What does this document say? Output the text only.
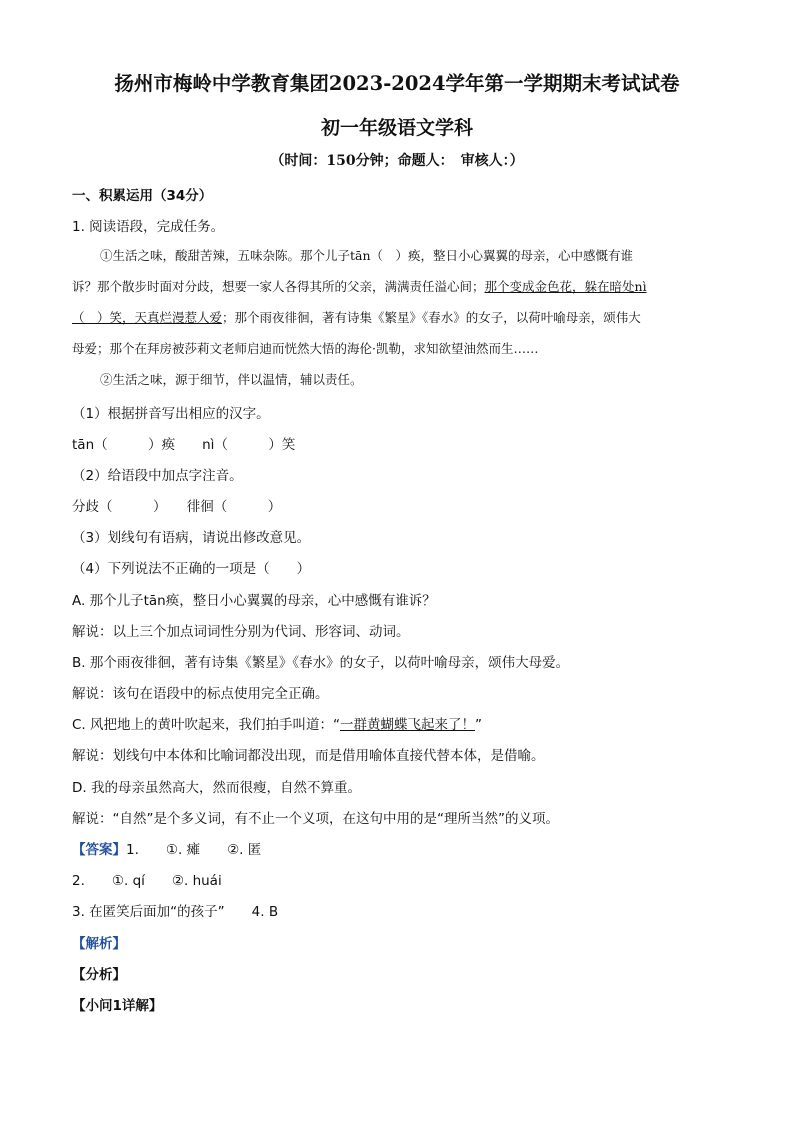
扬州市梅岭中学教育集团2023-2024学年第一学期期末考试试卷
初一年级语文学科
（时间：150分钟；命题人：　审核人：）
一、积累运用（34分）
1. 阅读语段，完成任务。
①生活之味，酸甜苦辣，五味杂陈。那个儿子tān（　）痪，整日小心翼翼的母亲，心中感慨有谁
诉？那个散步时面对分歧，想要一家人各得其所的父亲，满满责任溢心间；那个变成金色花，躲在暗处nì
（　）笑，天真烂漫惹人爱；那个雨夜徘徊，著有诗集《繁星》《春水》的女子，以荷叶喻母亲，颂伟大
母爱；那个在拜房被莎莉文老师启迪而恍然大悟的海伦·凯勒，求知欲望油然而生……
②生活之味，源于细节，伴以温情，辅以责任。
（1）根据拼音写出相应的汉字。
tān（　　　）痪　　nì（　　　）笑
（2）给语段中加点字注音。
分歧（　　　）　　徘徊（　　　）
（3）划线句有语病，请说出修改意见。
（4）下列说法不正确的一项是（　　）
A. 那个儿子tān痪，整日小心翼翼的母亲，心中感慨有谁诉？
解说：以上三个加点词词性分别为代词、形容词、动词。
B. 那个雨夜徘徊，著有诗集《繁星》《春水》的女子，以荷叶喻母亲，颂伟大母爱。
解说：该句在语段中的标点使用完全正确。
C. 风把地上的黄叶吹起来，我们拍手叫道：“一群黄蝴蝶飞起来了！”
解说：划线句中本体和比喻词都没出现，而是借用喻体直接代替本体，是借喻。
D. 我的母亲虽然高大，然而很瘦，自然不算重。
解说：“自然”是个多义词，有不止一个义项，在这句中用的是“理所当然”的义项。
【答案】1.　　①. 瘫　　②. 匿
2.　　①. qí　　②. huái
3. 在匿笑后面加“的孩子”　　4. B
【解析】
【分析】
【小问1详解】
